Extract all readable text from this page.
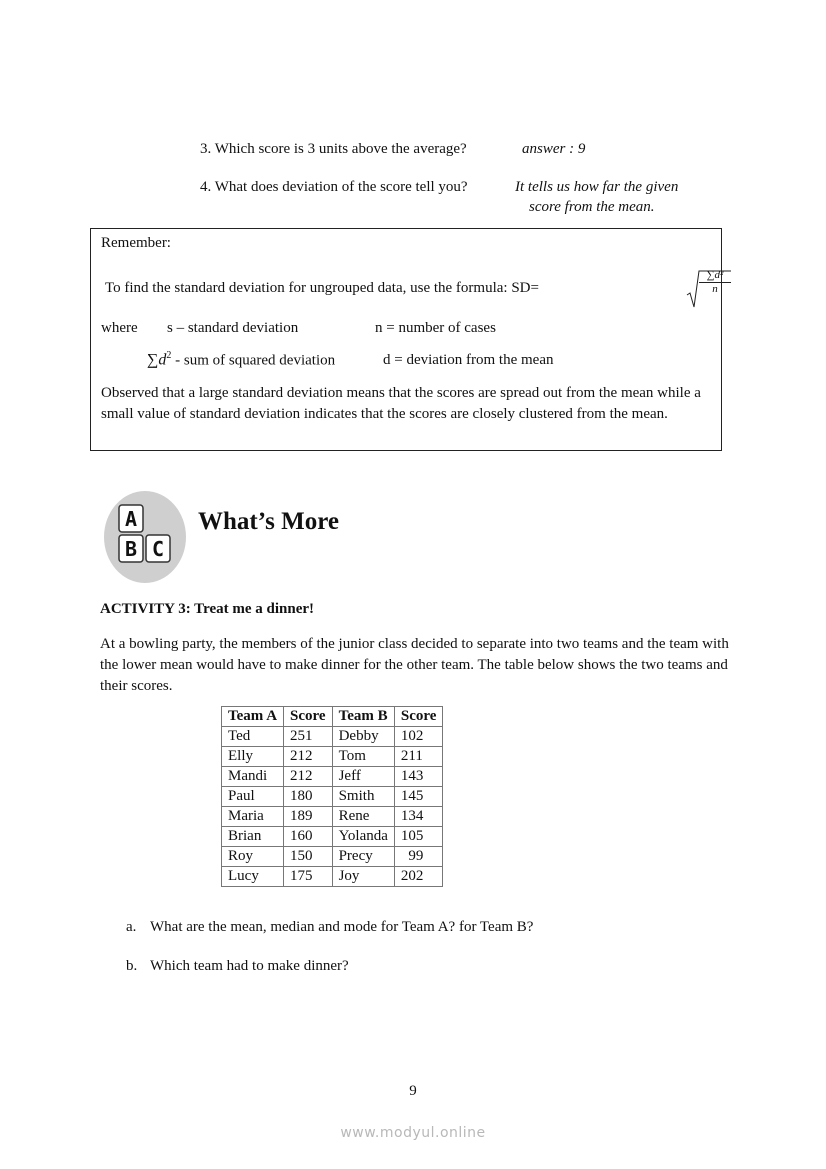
3. Which score is 3 units above the average?	answer : 9
4. What does deviation of the score tell you?	It tells us how far the given
score from the mean.
Remember:
To find the standard deviation for ungrouped data, use the formula: SD=	$\frac{\text{∑d²}}{n}$
where s – standard deviation	n = number of cases
$\sum d^2$ - sum of squared deviation	d = deviation from the mean
Observed that a large standard deviation means that the scores are spread out from the mean while a small value of standard deviation indicates that the scores are closely clustered from the mean.
A
B C
What’s More
ACTIVITY 3: Treat me a dinner!
At a bowling party, the members of the junior class decided to separate into two teams and the team with the lower mean would have to make dinner for the other team. The table below shows the two teams and their scores.
Team A	Score	Team B	Score
Ted	251	Debby	102
Elly	212	Tom	211
Mandi	212	Jeff	143
Paul	180	Smith	145
Maria	189	Rene	134
Brian	160	Yolanda	105
Roy	150	Precy	99
Lucy	175	Joy	202
a. What are the mean, median and mode for Team A? for Team B?
b. Which team had to make dinner?
9
www.modyul.online
